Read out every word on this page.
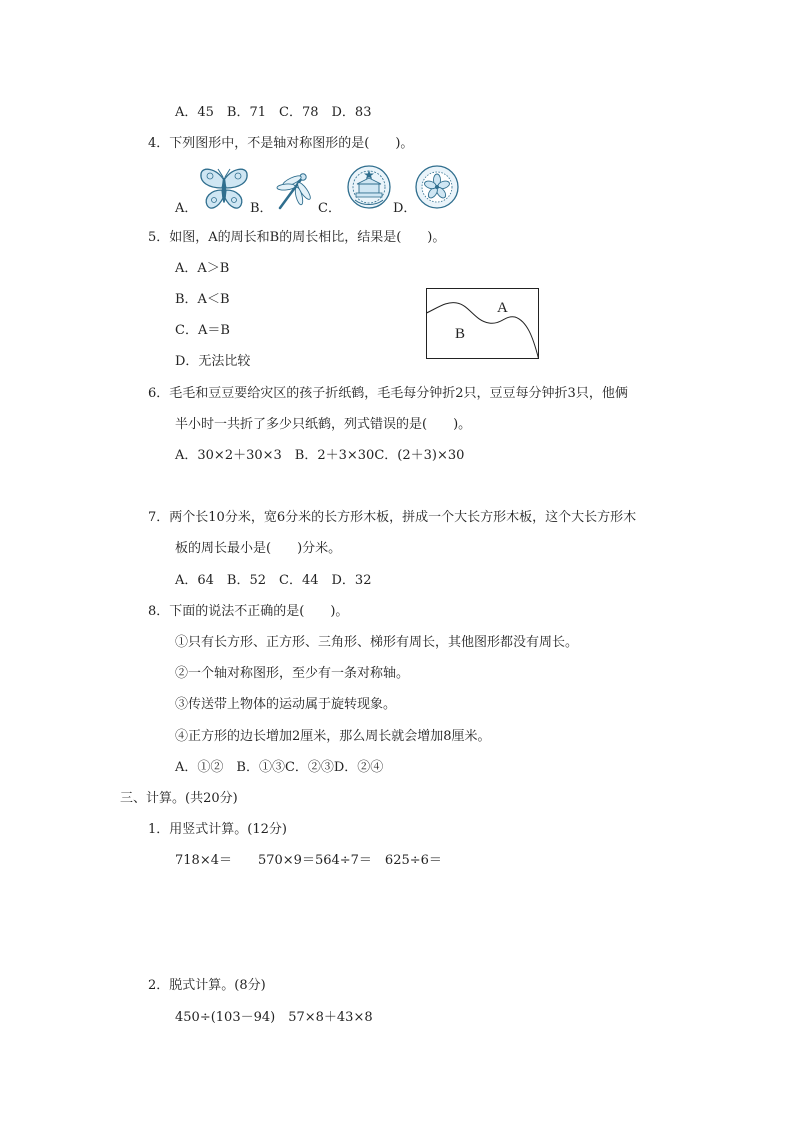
A．45　B．71　C．78　D．83
4．下列图形中，不是轴对称图形的是(　　)。
A．	B．	C．	D．
5．如图，A的周长和B的周长相比，结果是(　　)。
A．A＞B
B．A＜B
C．A＝B
D．无法比较
A
B
6．毛毛和豆豆要给灾区的孩子折纸鹤，毛毛每分钟折2只，豆豆每分钟折3只，他俩
半小时一共折了多少只纸鹤，列式错误的是(　　)。
A．30×2＋30×3　B．2＋3×30C．(2＋3)×30
7．两个长10分米，宽6分米的长方形木板，拼成一个大长方形木板，这个大长方形木
板的周长最小是(　　)分米。
A．64　B．52　C．44　D．32
8．下面的说法不正确的是(　　)。
①只有长方形、正方形、三角形、梯形有周长，其他图形都没有周长。
②一个轴对称图形，至少有一条对称轴。
③传送带上物体的运动属于旋转现象。
④正方形的边长增加2厘米，那么周长就会增加8厘米。
A．①②　B．①③C．②③D．②④
三、计算。(共20分)
1．用竖式计算。(12分)
718×4＝　　570×9＝564÷7＝　625÷6＝
2．脱式计算。(8分)
450÷(103－94)　57×8＋43×8
